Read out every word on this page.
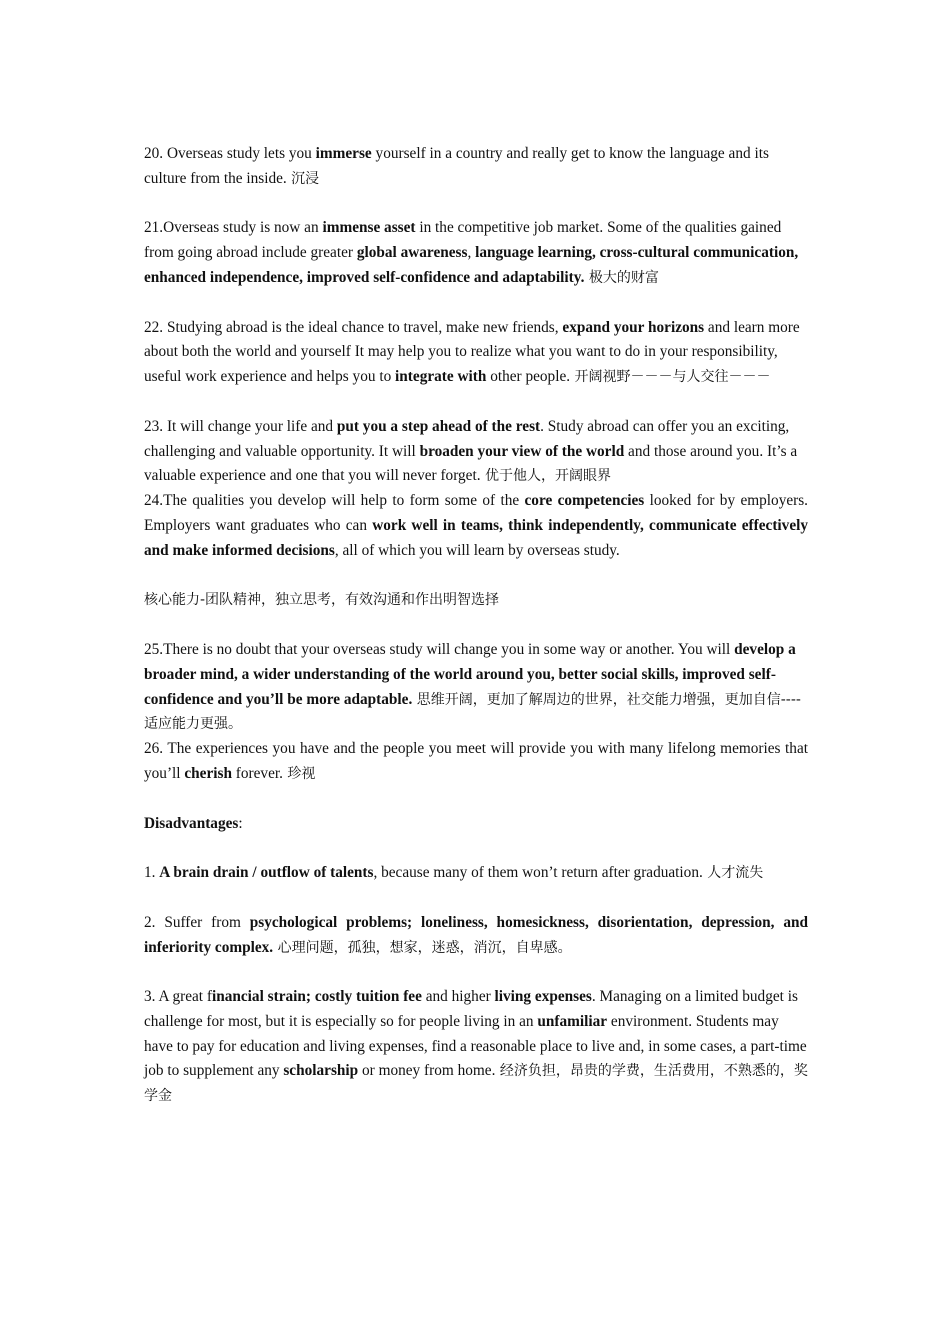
20. Overseas study lets you immerse yourself in a country and really get to know the language and its culture from the inside. 沉浸

21.Overseas study is now an immense asset in the competitive job market. Some of the qualities gained from going abroad include greater global awareness, language learning, cross-cultural communication, enhanced independence, improved self-confidence and adaptability. 极大的财富

22. Studying abroad is the ideal chance to travel, make new friends, expand your horizons and learn more about both the world and yourself It may help you to realize what you want to do in your responsibility, useful work experience and helps you to integrate with other people. 开阔视野－－－与人交往－－－

23. It will change your life and put you a step ahead of the rest. Study abroad can offer you an exciting, challenging and valuable opportunity. It will broaden your view of the world and those around you. It’s a valuable experience and one that you will never forget. 优于他人，开阔眼界

24.The qualities you develop will help to form some of the core competencies looked for by employers. Employers want graduates who can work well in teams, think independently, communicate effectively and make informed decisions, all of which you will learn by overseas study.

核心能力-团队精神，独立思考，有效沟通和作出明智选择

25.There is no doubt that your overseas study will change you in some way or another. You will develop a broader mind, a wider understanding of the world around you, better social skills, improved self-confidence and you’ll be more adaptable. 思维开阔，更加了解周边的世界，社交能力增强，更加自信----适应能力更强。

26. The experiences you have and the people you meet will provide you with many lifelong memories that you’ll cherish forever. 珍视

Disadvantages:

1. A brain drain / outflow of talents, because many of them won’t return after graduation. 人才流失

2. Suffer from psychological problems; loneliness, homesickness, disorientation, depression, and inferiority complex. 心理问题，孤独，想家，迷惑，消沉，自卑感。

3. A great financial strain; costly tuition fee and higher living expenses. Managing on a limited budget is challenge for most, but it is especially so for people living in an unfamiliar environment. Students may have to pay for education and living expenses, find a reasonable place to live and, in some cases, a part-time job to supplement any scholarship or money from home. 经济负担，昂贵的学费，生活费用，不熟悉的，奖学金
